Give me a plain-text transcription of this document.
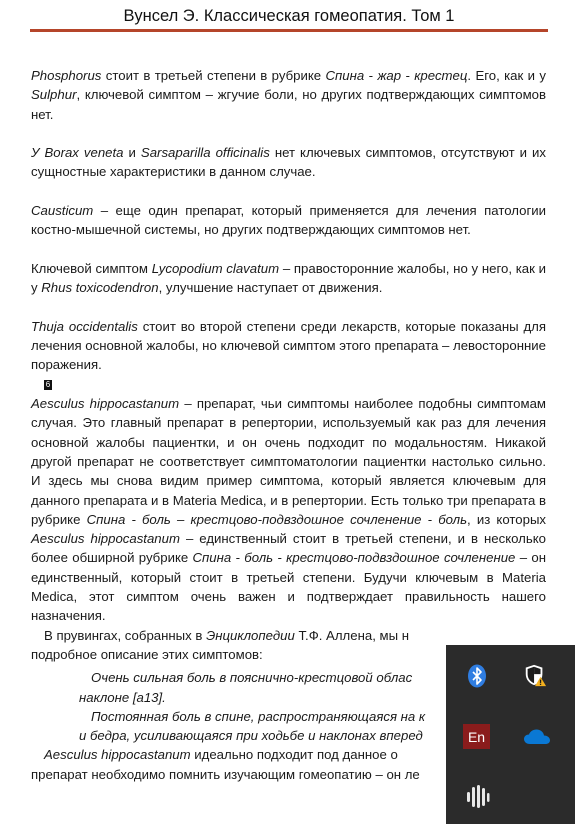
Вунсел Э. Классическая гомеопатия. Том 1

Phosphorus стоит в третьей степени в рубрике Спина - жар - крестец. Его, как и у Sulphur, ключевой симптом – жгучие боли, но других подтверждающих симптомов нет.

У Borax veneta и Sarsaparilla officinalis нет ключевых симптомов, отсутствуют и их сущностные характеристики в данном случае.

Causticum – еще один препарат, который применяется для лечения патологии костно-мышечной системы, но других подтверждающих симптомов нет.

Ключевой симптом Lycopodium clavatum – правосторонние жалобы, но у него, как и у Rhus toxicodendron, улучшение наступает от движения.

Thuja occidentalis стоит во второй степени среди лекарств, которые показаны для лечения основной жалобы, но ключевой симптом этого препарата – левосторонние поражения.

6

Aesculus hippocastanum – препарат, чьи симптомы наиболее подобны симптомам случая. Это главный препарат в репертории, используемый как раз для лечения основной жалобы пациентки, и он очень подходит по модальностям. Никакой другой препарат не соответствует симптоматологии пациентки настолько сильно. И здесь мы снова видим пример симптома, который является ключевым для данного препарата и в Materia Medica, и в репертории. Есть только три препарата в рубрике Спина - боль – крестцово-подвздошное сочленение - боль, из которых Aesculus hippocastanum – единственный стоит в третьей степени, и в несколько более обширной рубрике Спина - боль - крестцово-подвздошное сочленение – он единственный, который стоит в третьей степени. Будучи ключевым в Materia Medica, этот симптом очень важен и подтверждает правильность нашего назначения.

В прувингах, собранных в Энциклопедии Т.Ф. Аллена, мы н
подробное описание этих симптомов:

Очень сильная боль в пояснично-крестцовой облас
наклоне [a13].
Постоянная боль в спине, распространяющаяся на к
и бедра, усиливающаяся при ходьбе и наклонах вперед

Aesculus hippocastanum идеально подходит под данное о
препарат необходимо помнить изучающим гомеопатию – он ле

En
